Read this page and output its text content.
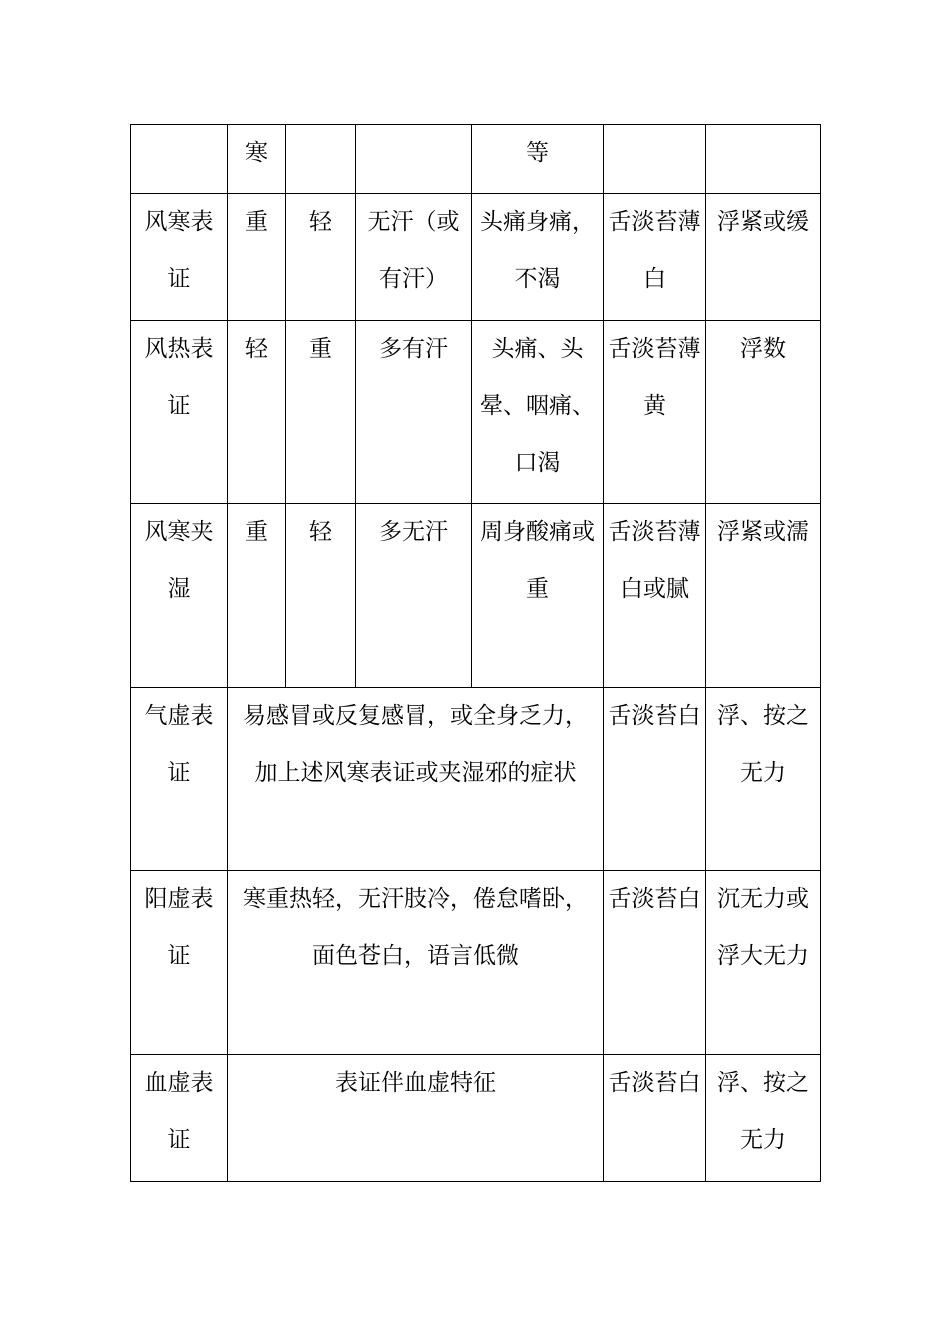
	寒			等		
风寒表证	重	轻	无汗（或有汗）	头痛身痛，不渴	舌淡苔薄白	浮紧或缓
风热表证	轻	重	多有汗	头痛、头晕、咽痛、口渴	舌淡苔薄黄	浮数
风寒夹湿	重	轻	多无汗	周身酸痛或重	舌淡苔薄白或腻	浮紧或濡
气虚表证	易感冒或反复感冒，或全身乏力，加上述风寒表证或夹湿邪的症状				舌淡苔白	浮、按之无力
阳虚表证	寒重热轻，无汗肢冷，倦怠嗜卧，面色苍白，语言低微				舌淡苔白	沉无力或浮大无力
血虚表证	表证伴血虚特征				舌淡苔白	浮、按之无力
